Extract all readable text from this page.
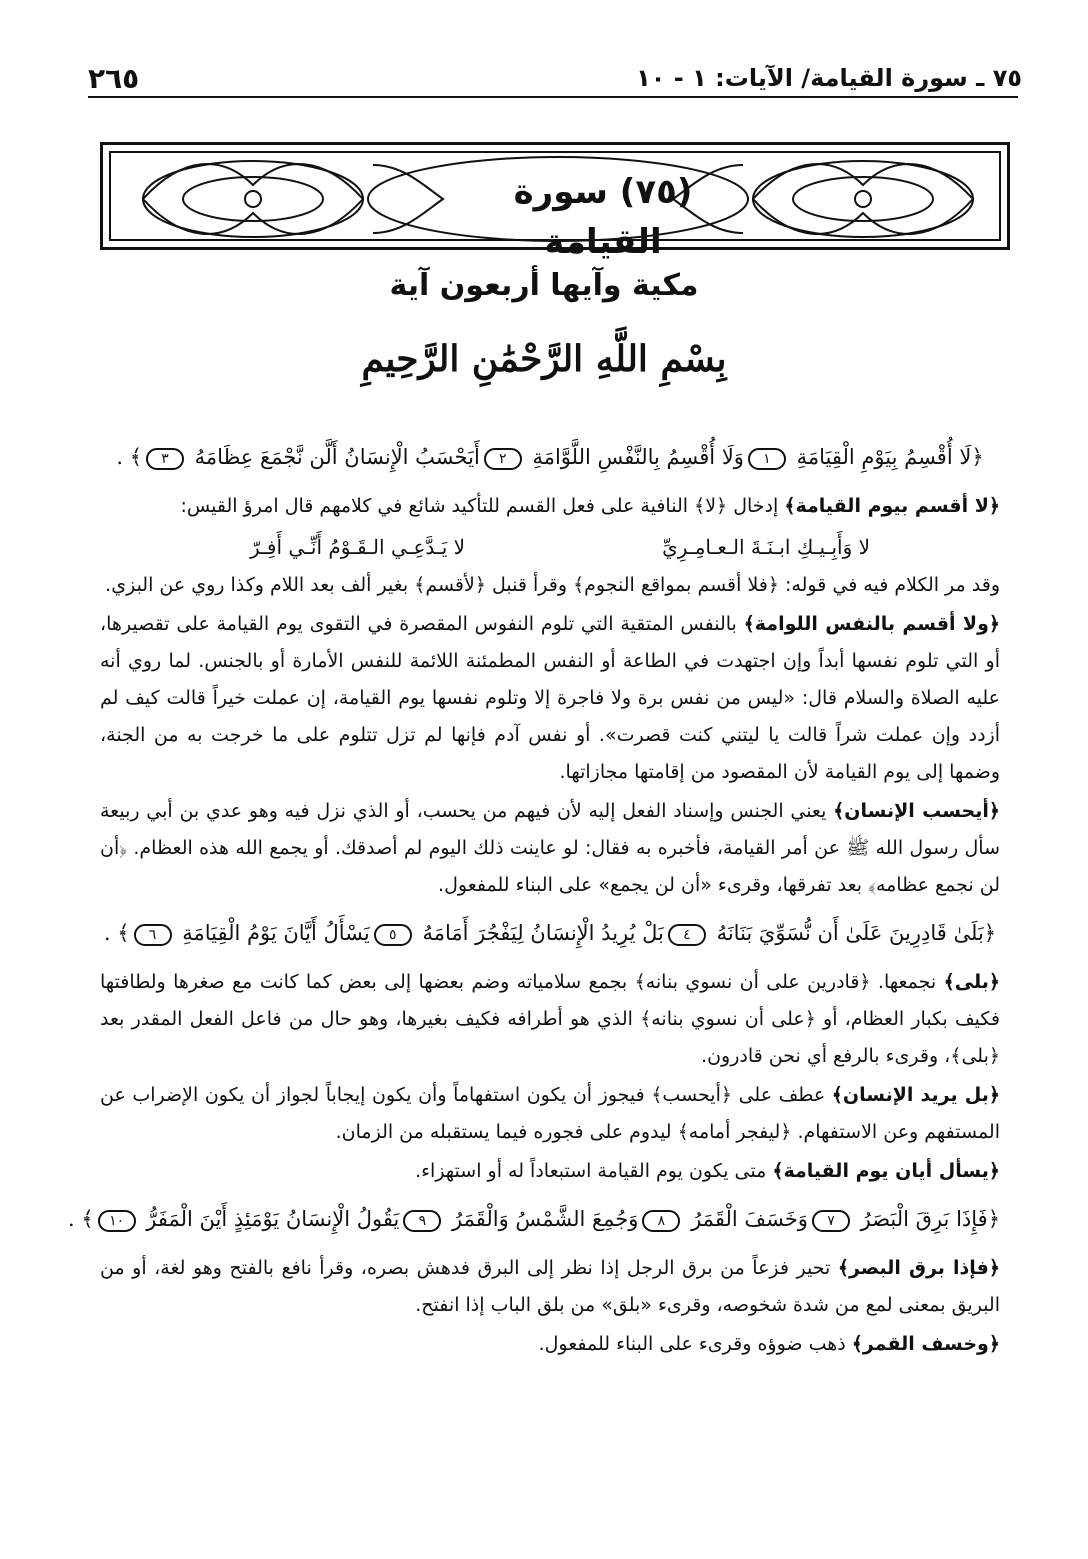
٢٦٥	٧٥ ـ سورة القيامة/ الآيات: ١ - ١٠
(٧٥) سورة القيامة
مكية وآيها أربعون آية
بِسْمِ اللَّهِ الرَّحْمَٰنِ الرَّحِيمِ
﴿لَا أُقْسِمُ بِيَوْمِ الْقِيَامَةِ ١وَلَا أُقْسِمُ بِالنَّفْسِ اللَّوَّامَةِ ٢أَيَحْسَبُ الْإِنسَانُ أَلَّن نَّجْمَعَ عِظَامَهُ ٣﴾ .

﴿لا أقسم بيوم القيامة﴾ إدخال ﴿لا﴾ النافية على فعل القسم للتأكيد شائع في كلامهم قال امرؤ القيس:

لا وَأَبِـيـكِ ابـنَـةَ الـعـامِـرِيِّ
لا يَـدَّعِـي الـقَـوْمُ أَنِّـي أَفِـرّ

وقد مر الكلام فيه في قوله: ﴿فلا أقسم بمواقع النجوم﴾ وقرأ قنبل ﴿لأقسم﴾ بغير ألف بعد اللام وكذا روي عن البزي.

﴿ولا أقسم بالنفس اللوامة﴾ بالنفس المتقية التي تلوم النفوس المقصرة في التقوى يوم القيامة على تقصيرها، أو التي تلوم نفسها أبداً وإن اجتهدت في الطاعة أو النفس المطمئنة اللائمة للنفس الأمارة أو بالجنس. لما روي أنه عليه الصلاة والسلام قال: «ليس من نفس برة ولا فاجرة إلا وتلوم نفسها يوم القيامة، إن عملت خيراً قالت كيف لم أزدد وإن عملت شراً قالت يا ليتني كنت قصرت». أو نفس آدم فإنها لم تزل تتلوم على ما خرجت به من الجنة، وضمها إلى يوم القيامة لأن المقصود من إقامتها مجازاتها.

﴿أيحسب الإنسان﴾ يعني الجنس وإسناد الفعل إليه لأن فيهم من يحسب، أو الذي نزل فيه وهو عدي بن أبي ربيعة سأل رسول الله ﷺ عن أمر القيامة، فأخبره به فقال: لو عاينت ذلك اليوم لم أصدقك. أو يجمع الله هذه العظام. ﴿أن لن نجمع عظامه﴾ بعد تفرقها، وقرىء «أن لن يجمع» على البناء للمفعول.

﴿بَلَىٰ قَادِرِينَ عَلَىٰ أَن نُّسَوِّيَ بَنَانَهُ ٤بَلْ يُرِيدُ الْإِنسَانُ لِيَفْجُرَ أَمَامَهُ ٥يَسْأَلُ أَيَّانَ يَوْمُ الْقِيَامَةِ ٦﴾ .

﴿بلى﴾ نجمعها. ﴿قادرين على أن نسوي بنانه﴾ بجمع سلامياته وضم بعضها إلى بعض كما كانت مع صغرها ولطافتها فكيف بكبار العظام، أو ﴿على أن نسوي بنانه﴾ الذي هو أطرافه فكيف بغيرها، وهو حال من فاعل الفعل المقدر بعد ﴿بلى﴾، وقرىء بالرفع أي نحن قادرون.

﴿بل يريد الإنسان﴾ عطف على ﴿أيحسب﴾ فيجوز أن يكون استفهاماً وأن يكون إيجاباً لجواز أن يكون الإضراب عن المستفهم وعن الاستفهام. ﴿ليفجر أمامه﴾ ليدوم على فجوره فيما يستقبله من الزمان.

﴿يسأل أيان يوم القيامة﴾ متى يكون يوم القيامة استبعاداً له أو استهزاء.

﴿فَإِذَا بَرِقَ الْبَصَرُ ٧وَخَسَفَ الْقَمَرُ ٨وَجُمِعَ الشَّمْسُ وَالْقَمَرُ ٩يَقُولُ الْإِنسَانُ يَوْمَئِذٍ أَيْنَ الْمَفَرُّ ١٠﴾ .

﴿فإذا برق البصر﴾ تحير فزعاً من برق الرجل إذا نظر إلى البرق فدهش بصره، وقرأ نافع بالفتح وهو لغة، أو من البريق بمعنى لمع من شدة شخوصه، وقرىء «بلق» من بلق الباب إذا انفتح.

﴿وخسف القمر﴾ ذهب ضوؤه وقرىء على البناء للمفعول.
